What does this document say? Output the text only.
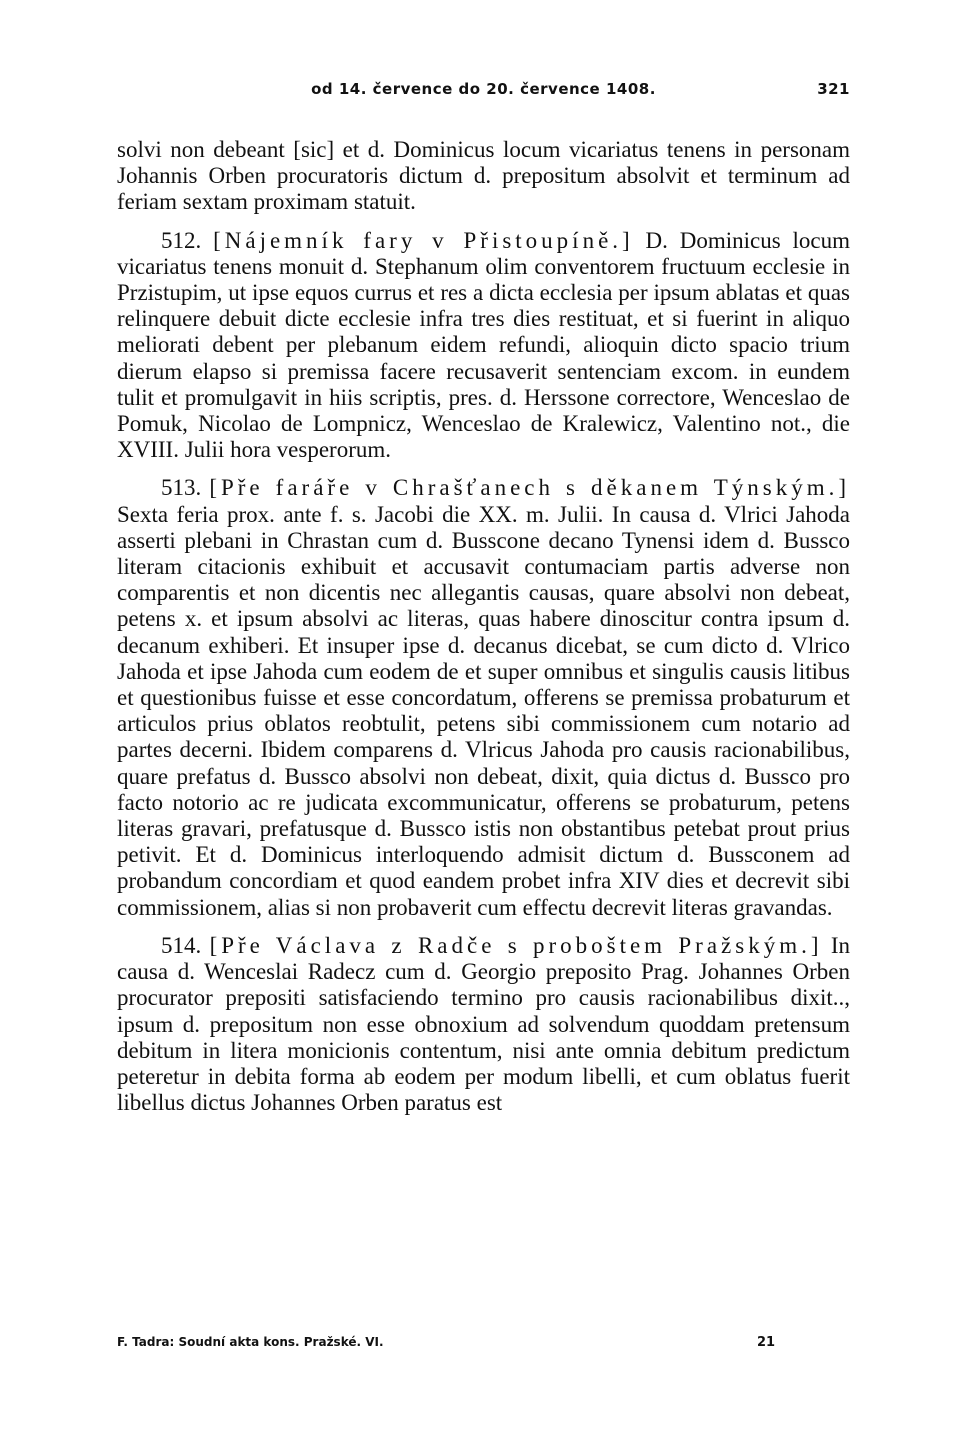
od 14. července do 20. července 1408.	321

solvi non debeant [sic] et d. Dominicus locum vicariatus tenens in personam Johannis Orben procuratoris dictum d. prepositum absolvit et terminum ad feriam sextam proximam statuit.

512. [Nájemník fary v Přistoupíně.] D. Dominicus locum vicariatus tenens monuit d. Stephanum olim conventorem fructuum ecclesie in Przistupim, ut ipse equos currus et res a dicta ecclesia per ipsum ablatas et quas relinquere debuit dicte ecclesie infra tres dies restituat, et si fuerint in aliquo meliorati debent per plebanum eidem refundi, alioquin dicto spacio trium dierum elapso si premissa facere recusaverit sentenciam excom. in eundem tulit et promulgavit in hiis scriptis, pres. d. Herssone correctore, Wenceslao de Pomuk, Nicolao de Lompnicz, Wenceslao de Kralewicz, Valentino not., die XVIII. Julii hora vesperorum.

513. [Pře faráře v Chrašťanech s děkanem Týnským.] Sexta feria prox. ante f. s. Jacobi die XX. m. Julii. In causa d. Vlrici Jahoda asserti plebani in Chrastan cum d. Busscone decano Tynensi idem d. Bussco literam citacionis exhibuit et accusavit contumaciam partis adverse non comparentis et non dicentis nec allegantis causas, quare absolvi non debeat, petens x. et ipsum absolvi ac literas, quas habere dinoscitur contra ipsum d. decanum exhiberi. Et insuper ipse d. decanus dicebat, se cum dicto d. Vlrico Jahoda et ipse Jahoda cum eodem de et super omnibus et singulis causis litibus et questionibus fuisse et esse concordatum, offerens se premissa probaturum et articulos prius oblatos reobtulit, petens sibi commissionem cum notario ad partes decerni. Ibidem comparens d. Vlricus Jahoda pro causis racionabilibus, quare prefatus d. Bussco absolvi non debeat, dixit, quia dictus d. Bussco pro facto notorio ac re judicata excommunicatur, offerens se probaturum, petens literas gravari, prefatusque d. Bussco istis non obstantibus petebat prout prius petivit. Et d. Dominicus interloquendo admisit dictum d. Bussconem ad probandum concordiam et quod eandem probet infra XIV dies et decrevit sibi commissionem, alias si non probaverit cum effectu decrevit literas gravandas.

514. [Pře Václava z Radče s proboštem Pražským.] In causa d. Wenceslai Radecz cum d. Georgio preposito Prag. Johannes Orben procurator prepositi satisfaciendo termino pro causis racionabilibus dixit.., ipsum d. prepositum non esse obnoxium ad solvendum quoddam pretensum debitum in litera monicionis contentum, nisi ante omnia debitum predictum peteretur in debita forma ab eodem per modum libelli, et cum oblatus fuerit libellus dictus Johannes Orben paratus est

F. Tadra: Soudní akta kons. Pražské. VI.	21
